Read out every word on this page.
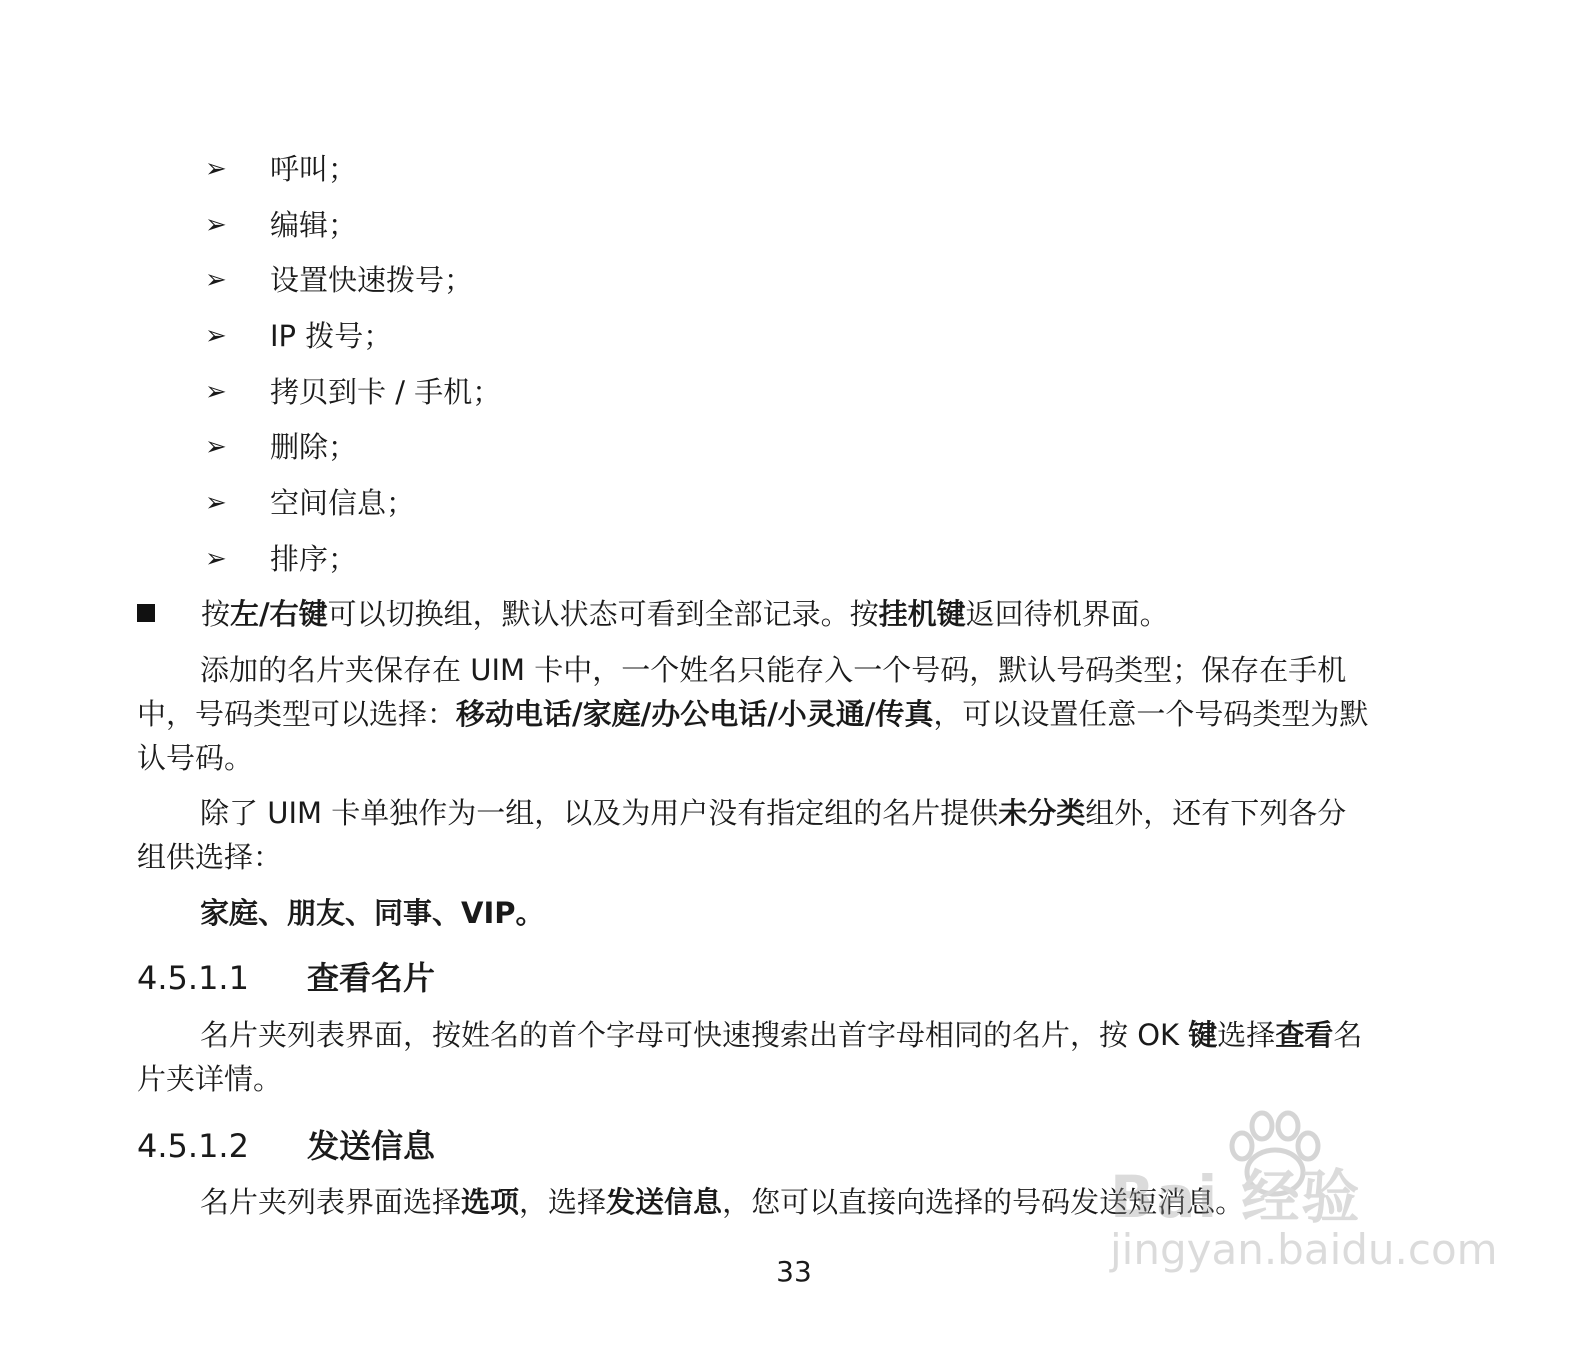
➢ 呼叫；
➢ 编辑；
➢ 设置快速拨号；
➢ IP 拨号；
➢ 拷贝到卡 / 手机；
➢ 删除；
➢ 空间信息；
➢ 排序；
按左/右键可以切换组，默认状态可看到全部记录。按挂机键返回待机界面。
添加的名片夹保存在 UIM 卡中，一个姓名只能存入一个号码，默认号码类型；保存在手机
中，号码类型可以选择：移动电话/家庭/办公电话/小灵通/传真，可以设置任意一个号码类型为默
认号码。
除了 UIM 卡单独作为一组，以及为用户没有指定组的名片提供未分类组外，还有下列各分
组供选择：
家庭、朋友、同事、VIP。
4.5.1.1 查看名片
名片夹列表界面，按姓名的首个字母可快速搜索出首字母相同的名片，按 OK 键选择查看名
片夹详情。
4.5.1.2 发送信息
名片夹列表界面选择选项，选择发送信息，您可以直接向选择的号码发送短消息。
33
Bai 经验
jingyan.baidu.com
